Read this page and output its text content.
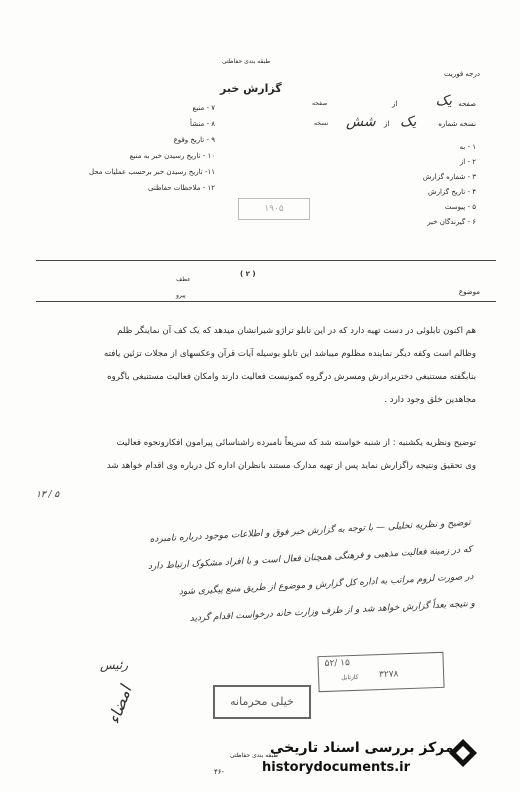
درجه فوریت
طبقه بندی حفاظتی
گزارش خبر
صفحه
یک
از
صفحه
نسخه شماره
یک
از
شش
نسخه
۷ - منبع
۸ - منشأ
۹ - تاریخ وقوع
۱۰ - تاریخ رسیدن خبر به منبع
۱۱- تاریخ رسیدن خبر برحسب عملیات محل
۱۲ - ملاحظات حفاظتی
۱ - به
۲ - از
۳ - شماره گزارش
۴ - تاریخ گزارش
۵ - پیوست
۶ - گیرندگان خبر
۱۹۰۵
( ۲ )
عطف
پیرو	موضوع
هم اکنون تابلوئی در دست تهیه دارد که در این تابلو تراژو شیرانشان میدهد که یک کف آن نماینگر ظلم
وظالم است وکفه دیگر نماینده مظلوم میباشد این تابلو بوسیله آیات قرآن وعکسهای از مجلات تزئین یافته
بنابگفته مستنبغی دختربرادرش ومسرش درگروه کمونیست فعالیت دارند وامکان فعالیت مستنبغی باگروه
مجاهدین خلق وجود دارد .
توضیح ونظریه یکشنبه : از شنبه خواسته شد که سریعاً نامبرده راشناسائی پیرامون افکارونحوه فعالیت
وی تحقیق ونتیجه راگزارش نماید پس از تهیه مدارک مستند بانظران اداره کل درباره وی اقدام خواهد شد
۱۳ / ۵
توضیح و نظریه تحلیلی — با توجه به گزارش خبر فوق و اطلاعات موجود درباره نامبرده
که در زمینه فعالیت مذهبی و فرهنگی همچنان فعال است و با افراد مشکوک ارتباط دارد
در صورت لزوم مراتب به اداره کل گزارش و موضوع از طریق منبع پیگیری شود
و نتیجه بعداً گزارش خواهد شد و از طرف وزارت خانه درخواست اقدام گردید
رئیس
امضاء
۵۲/ ۱۵
۳۲۷۸
کارتابل
خیلی محرمانه
طبقه بندی حفاظتی
۴۶-
مرکز بررسی اسناد تاریخی
historydocuments.ir
